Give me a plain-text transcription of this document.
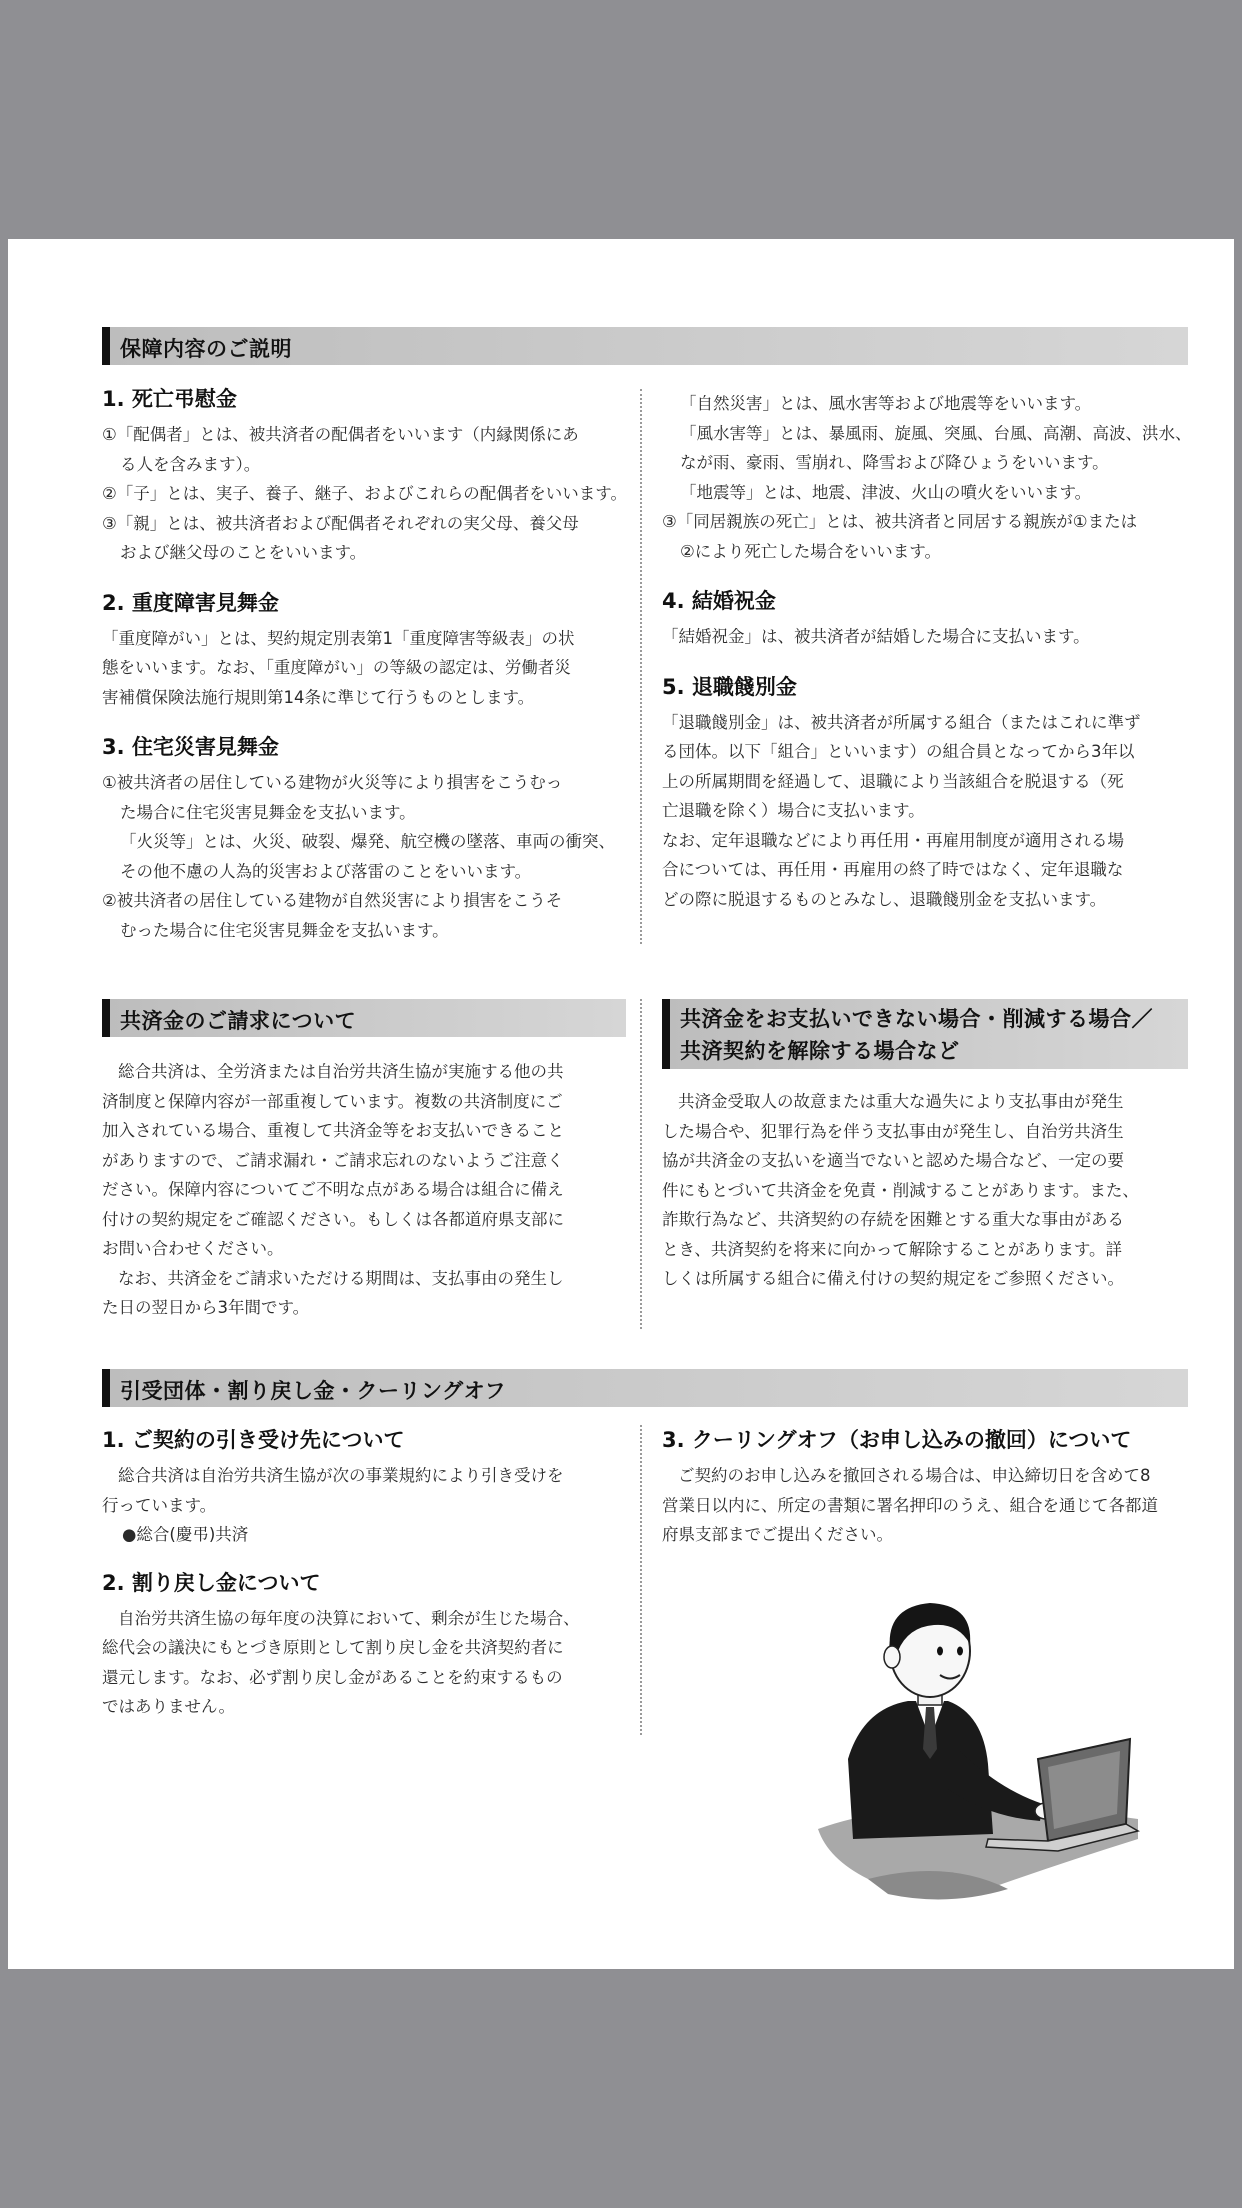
保障内容のご説明

1. 死亡弔慰金

①「配偶者」とは、被共済者の配偶者をいいます（内縁関係にあ

る人を含みます）。

②「子」とは、実子、養子、継子、およびこれらの配偶者をいいます。

③「親」とは、被共済者および配偶者それぞれの実父母、養父母

および継父母のことをいいます。

2. 重度障害見舞金

「重度障がい」とは、契約規定別表第1「重度障害等級表」の状

態をいいます。なお、「重度障がい」の等級の認定は、労働者災

害補償保険法施行規則第14条に準じて行うものとします。

3. 住宅災害見舞金

①被共済者の居住している建物が火災等により損害をこうむっ

た場合に住宅災害見舞金を支払います。

「火災等」とは、火災、破裂、爆発、航空機の墜落、車両の衝突、

その他不慮の人為的災害および落雷のことをいいます。

②被共済者の居住している建物が自然災害により損害をこうそ

むった場合に住宅災害見舞金を支払います。

「自然災害」とは、風水害等および地震等をいいます。

「風水害等」とは、暴風雨、旋風、突風、台風、高潮、高波、洪水、

なが雨、豪雨、雪崩れ、降雪および降ひょうをいいます。

「地震等」とは、地震、津波、火山の噴火をいいます。

③「同居親族の死亡」とは、被共済者と同居する親族が①または

②により死亡した場合をいいます。

4. 結婚祝金

「結婚祝金」は、被共済者が結婚した場合に支払います。

5. 退職餞別金

「退職餞別金」は、被共済者が所属する組合（またはこれに準ず

る団体。以下「組合」といいます）の組合員となってから3年以

上の所属期間を経過して、退職により当該組合を脱退する（死

亡退職を除く）場合に支払います。

なお、定年退職などにより再任用・再雇用制度が適用される場

合については、再任用・再雇用の終了時ではなく、定年退職な

どの際に脱退するものとみなし、退職餞別金を支払います。

共済金のご請求について

総合共済は、全労済または自治労共済生協が実施する他の共

済制度と保障内容が一部重複しています。複数の共済制度にご

加入されている場合、重複して共済金等をお支払いできること

がありますので、ご請求漏れ・ご請求忘れのないようご注意く

ださい。保障内容についてご不明な点がある場合は組合に備え

付けの契約規定をご確認ください。もしくは各都道府県支部に

お問い合わせください。

なお、共済金をご請求いただける期間は、支払事由の発生し

た日の翌日から3年間です。

共済金をお支払いできない場合・削減する場合／
共済契約を解除する場合など

共済金受取人の故意または重大な過失により支払事由が発生

した場合や、犯罪行為を伴う支払事由が発生し、自治労共済生

協が共済金の支払いを適当でないと認めた場合など、一定の要

件にもとづいて共済金を免責・削減することがあります。また、

詐欺行為など、共済契約の存続を困難とする重大な事由がある

とき、共済契約を将来に向かって解除することがあります。詳

しくは所属する組合に備え付けの契約規定をご参照ください。

引受団体・割り戻し金・クーリングオフ

1. ご契約の引き受け先について

総合共済は自治労共済生協が次の事業規約により引き受けを

行っています。

●総合(慶弔)共済

2. 割り戻し金について

自治労共済生協の毎年度の決算において、剰余が生じた場合、

総代会の議決にもとづき原則として割り戻し金を共済契約者に

還元します。なお、必ず割り戻し金があることを約束するもの

ではありません。

3. クーリングオフ（お申し込みの撤回）について

ご契約のお申し込みを撤回される場合は、申込締切日を含めて8

営業日以内に、所定の書類に署名押印のうえ、組合を通じて各都道

府県支部までご提出ください。
